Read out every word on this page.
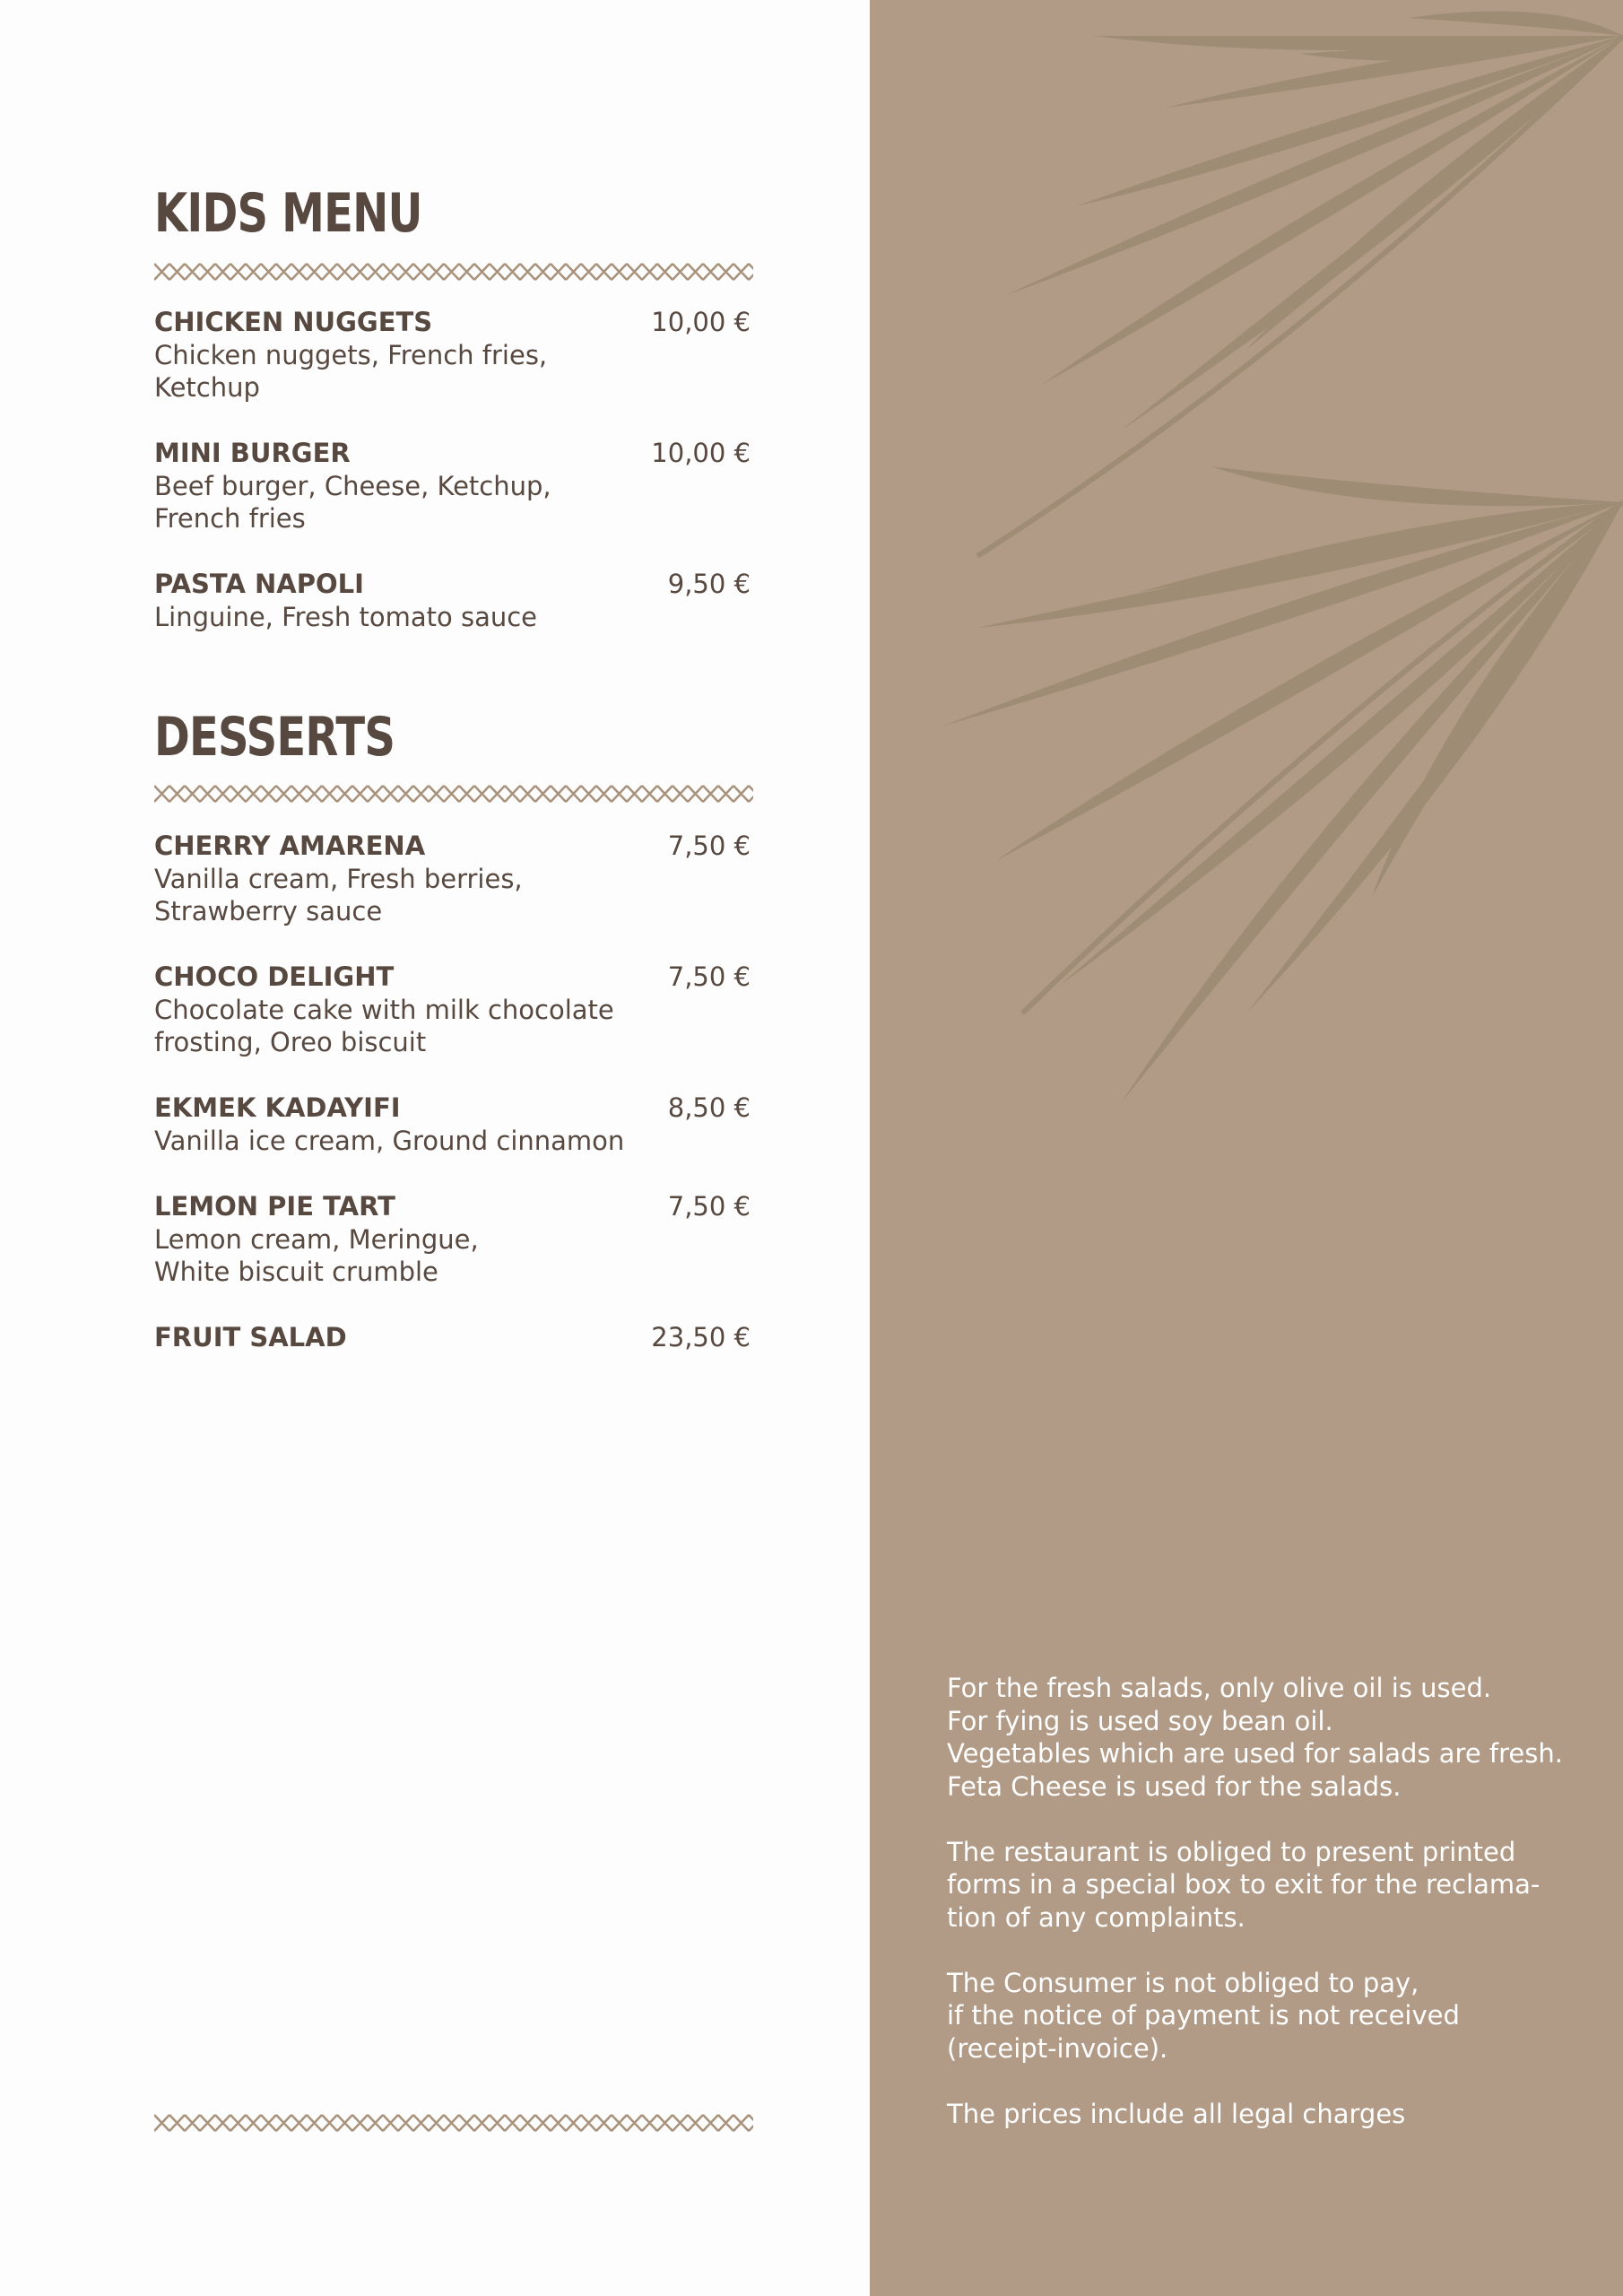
KIDS MENU
CHICKEN NUGGETS	10,00 €
Chicken nuggets, French fries,
Ketchup
MINI BURGER	10,00 €
Beef burger, Cheese, Ketchup,
French fries
PASTA NAPOLI	9,50 €
Linguine, Fresh tomato sauce
DESSERTS
CHERRY AMARENA	7,50 €
Vanilla cream, Fresh berries,
Strawberry sauce
CHOCO DELIGHT	7,50 €
Chocolate cake with milk chocolate
frosting, Oreo biscuit
EKMEK KADAYIFI	8,50 €
Vanilla ice cream, Ground cinnamon
LEMON PIE TART	7,50 €
Lemon cream, Meringue,
White biscuit crumble
FRUIT SALAD	23,50 €

For the fresh salads, only olive oil is used.
For fying is used soy bean oil.
Vegetables which are used for salads are fresh.
Feta Cheese is used for the salads.

The restaurant is obliged to present printed
forms in a special box to exit for the reclama-
tion of any complaints.

The Consumer is not obliged to pay,
if the notice of payment is not received
(receipt-invoice).

The prices include all legal charges
